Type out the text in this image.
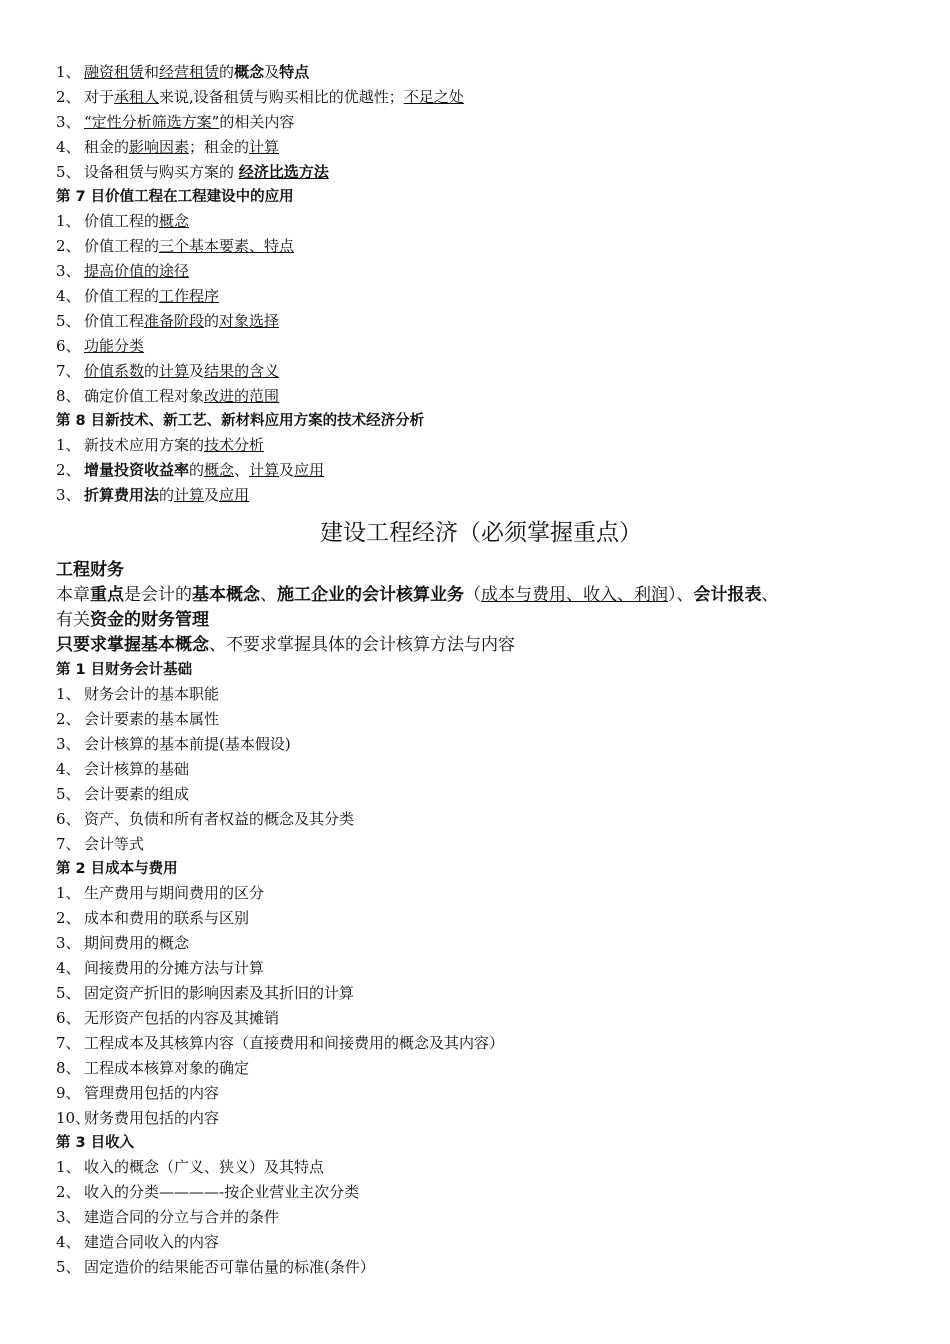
1、 融资租赁和经营租赁的概念及特点
2、 对于承租人来说,设备租赁与购买相比的优越性；不足之处
3、 “定性分析筛选方案”的相关内容
4、 租金的影响因素；租金的计算
5、 设备租赁与购买方案的 经济比选方法
第 7 目价值工程在工程建设中的应用
1、 价值工程的概念
2、 价值工程的三个基本要素、特点
3、 提高价值的途径
4、 价值工程的工作程序
5、 价值工程准备阶段的对象选择
6、 功能分类
7、 价值系数的计算及结果的含义
8、 确定价值工程对象改进的范围
第 8 目新技术、新工艺、新材料应用方案的技术经济分析
1、 新技术应用方案的技术分析
2、 增量投资收益率的概念、计算及应用
3、 折算费用法的计算及应用
建设工程经济（必须掌握重点）
工程财务
本章重点是会计的基本概念、施工企业的会计核算业务（成本与费用、收入、利润）、会计报表、
有关资金的财务管理
只要求掌握基本概念、不要求掌握具体的会计核算方法与内容
第 1 目财务会计基础
1、 财务会计的基本职能
2、 会计要素的基本属性
3、 会计核算的基本前提(基本假设)
4、 会计核算的基础
5、 会计要素的组成
6、 资产、负债和所有者权益的概念及其分类
7、 会计等式
第 2 目成本与费用
1、 生产费用与期间费用的区分
2、 成本和费用的联系与区别
3、 期间费用的概念
4、 间接费用的分摊方法与计算
5、 固定资产折旧的影响因素及其折旧的计算
6、 无形资产包括的内容及其摊销
7、 工程成本及其核算内容（直接费用和间接费用的概念及其内容）
8、 工程成本核算对象的确定
9、 管理费用包括的内容
10、财务费用包括的内容
第 3 目收入
1、 收入的概念（广义、狭义）及其特点
2、 收入的分类————-按企业营业主次分类
3、 建造合同的分立与合并的条件
4、 建造合同收入的内容
5、 固定造价的结果能否可靠估量的标准(条件）
